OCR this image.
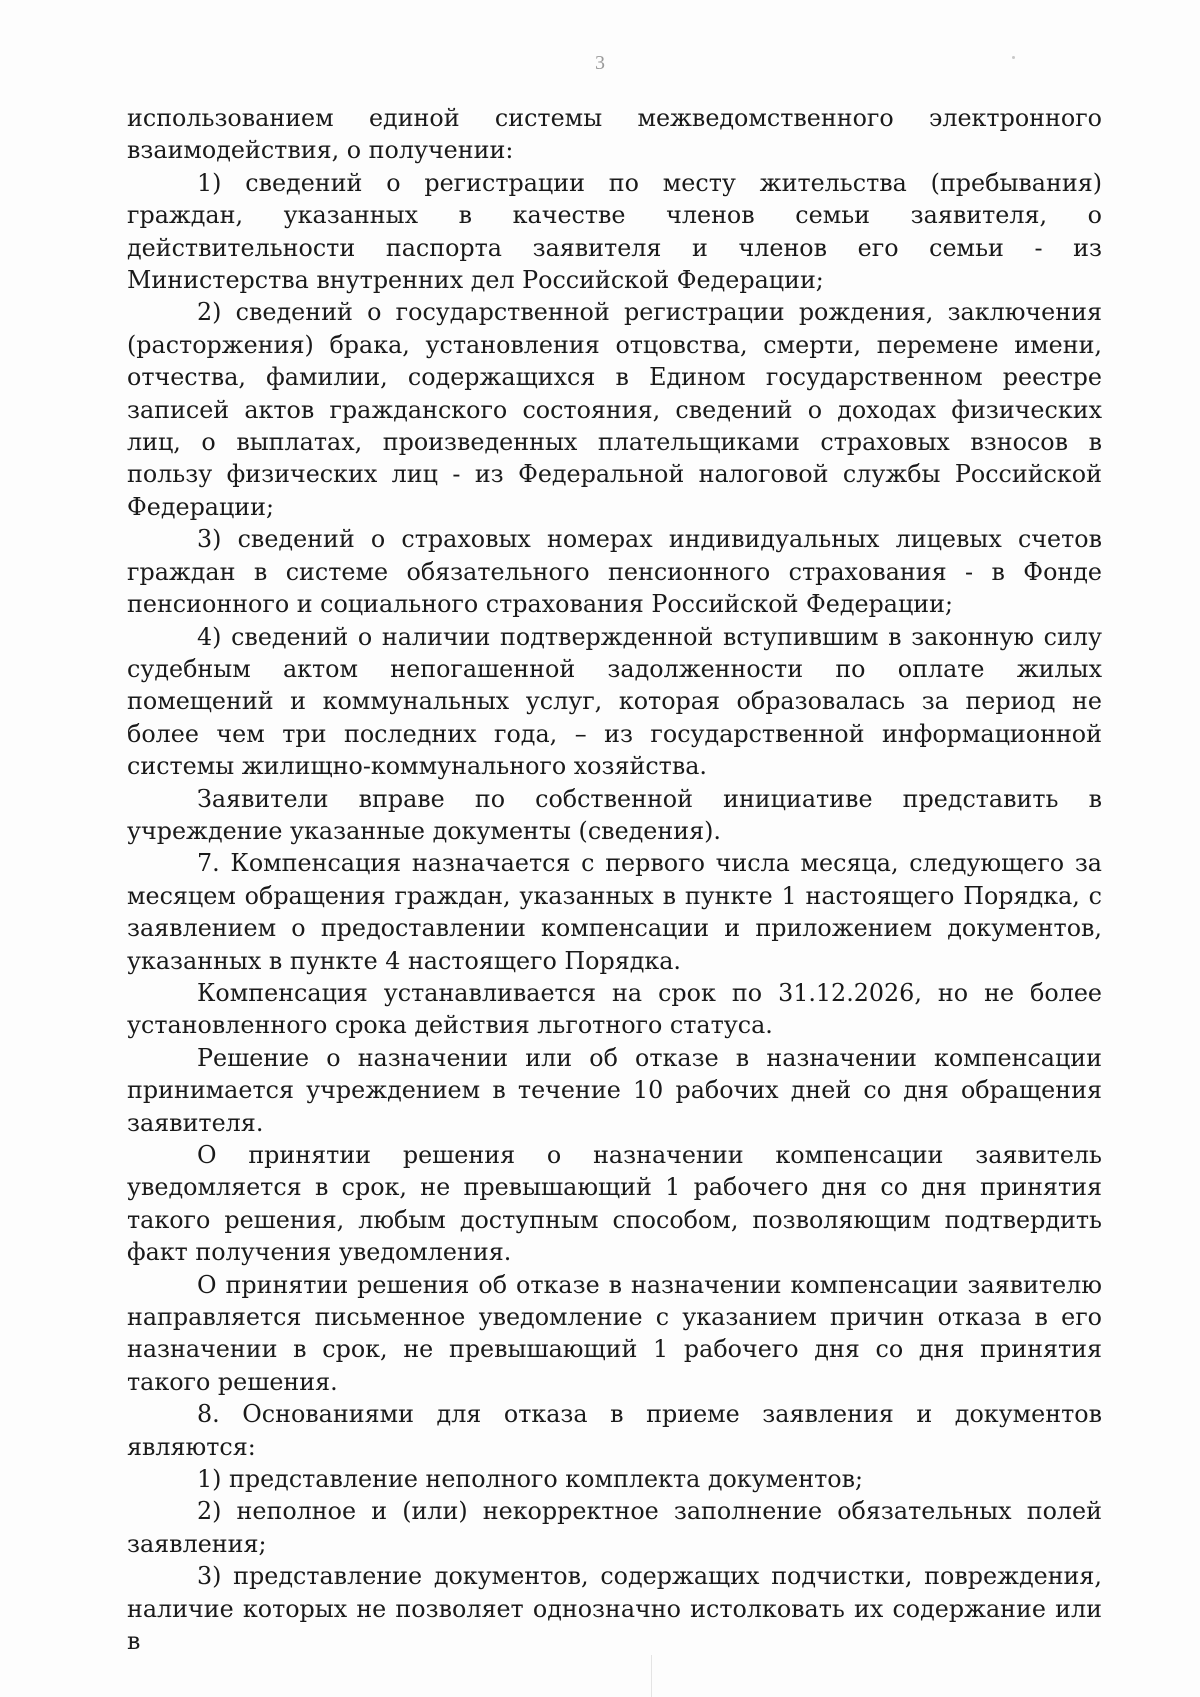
3

использованием единой системы межведомственного электронного взаимодействия, о получении:

1) сведений о регистрации по месту жительства (пребывания) граждан, указанных в качестве членов семьи заявителя, о действительности паспорта заявителя и членов его семьи - из Министерства внутренних дел Российской Федерации;

2) сведений о государственной регистрации рождения, заключения (расторжения) брака, установления отцовства, смерти, перемене имени, отчества, фамилии, содержащихся в Едином государственном реестре записей актов гражданского состояния, сведений о доходах физических лиц, о выплатах, произведенных плательщиками страховых взносов в пользу физических лиц - из Федеральной налоговой службы Российской Федерации;

3) сведений о страховых номерах индивидуальных лицевых счетов граждан в системе обязательного пенсионного страхования - в Фонде пенсионного и социального страхования Российской Федерации;

4) сведений о наличии подтвержденной вступившим в законную силу судебным актом непогашенной задолженности по оплате жилых помещений и коммунальных услуг, которая образовалась за период не более чем три последних года, – из государственной информационной системы жилищно-коммунального хозяйства.

Заявители вправе по собственной инициативе представить в учреждение указанные документы (сведения).

7. Компенсация назначается с первого числа месяца, следующего за месяцем обращения граждан, указанных в пункте 1 настоящего Порядка, с заявлением о предоставлении компенсации и приложением документов, указанных в пункте 4 настоящего Порядка.

Компенсация устанавливается на срок по 31.12.2026, но не более установленного срока действия льготного статуса.

Решение о назначении или об отказе в назначении компенсации принимается учреждением в течение 10 рабочих дней со дня обращения заявителя.

О принятии решения о назначении компенсации заявитель уведомляется в срок, не превышающий 1 рабочего дня со дня принятия такого решения, любым доступным способом, позволяющим подтвердить факт получения уведомления.

О принятии решения об отказе в назначении компенсации заявителю направляется письменное уведомление с указанием причин отказа в его назначении в срок, не превышающий 1 рабочего дня со дня принятия такого решения.

8. Основаниями для отказа в приеме заявления и документов являются:

1) представление неполного комплекта документов;

2) неполное и (или) некорректное заполнение обязательных полей заявления;

3) представление документов, содержащих подчистки, повреждения, наличие которых не позволяет однозначно истолковать их содержание или в
